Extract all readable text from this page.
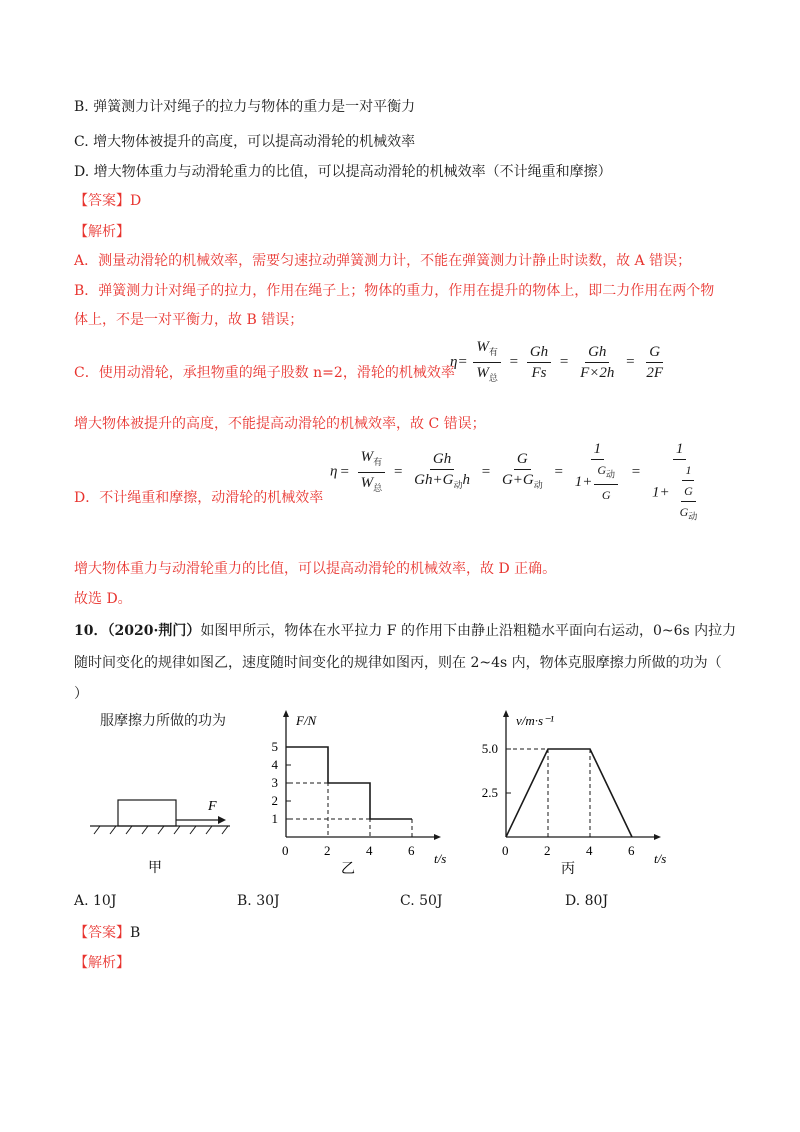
B. 弹簧测力计对绳子的拉力与物体的重力是一对平衡力
C. 增大物体被提升的高度，可以提高动滑轮的机械效率
D. 增大物体重力与动滑轮重力的比值，可以提高动滑轮的机械效率（不计绳重和摩擦）
【答案】D
【解析】
A．测量动滑轮的机械效率，需要匀速拉动弹簧测力计，不能在弹簧测力计静止时读数，故 A 错误；
B．弹簧测力计对绳子的拉力，作用在绳子上；物体的重力，作用在提升的物体上，即二力作用在两个物
体上，不是一对平衡力，故 B 错误；
C．使用动滑轮，承担物重的绳子股数 n=2，滑轮的机械效率
$\eta= \frac{W_有}{W_总} = \frac{Gh}{Fs} = \frac{Gh}{F\times 2h} = \frac{G}{2F}$
增大物体被提升的高度，不能提高动滑轮的机械效率，故 C 错误；
$\eta = \frac{W_有}{W_总} = \frac{Gh}{Gh+G_动h} = \frac{G}{G+G_动} = \frac{1}{1+ \frac{G_动}{G}} = \frac{1}{1+ \frac{1}{\frac{G}{G_动}}}$
D．不计绳重和摩擦，动滑轮的机械效率
增大物体重力与动滑轮重力的比值，可以提高动滑轮的机械效率，故 D 正确。
故选 D。
10．（2020·荆门）如图甲所示，物体在水平拉力 F 的作用下由静止沿粗糙水平面向右运动，0~6s 内拉力
随时间变化的规律如图乙，速度随时间变化的规律如图丙，则在 2~4s 内，物体克服摩擦力所做的功为（
）
服摩擦力所做的功为
F
甲
F/N
t/s
0	2	4	6
5
4
3
2
1
乙
v/m·s⁻¹
t/s
0	2	4	6
5.0
2.5
丙
A. 10J	B. 30J	C. 50J	D. 80J
【答案】B
【解析】
